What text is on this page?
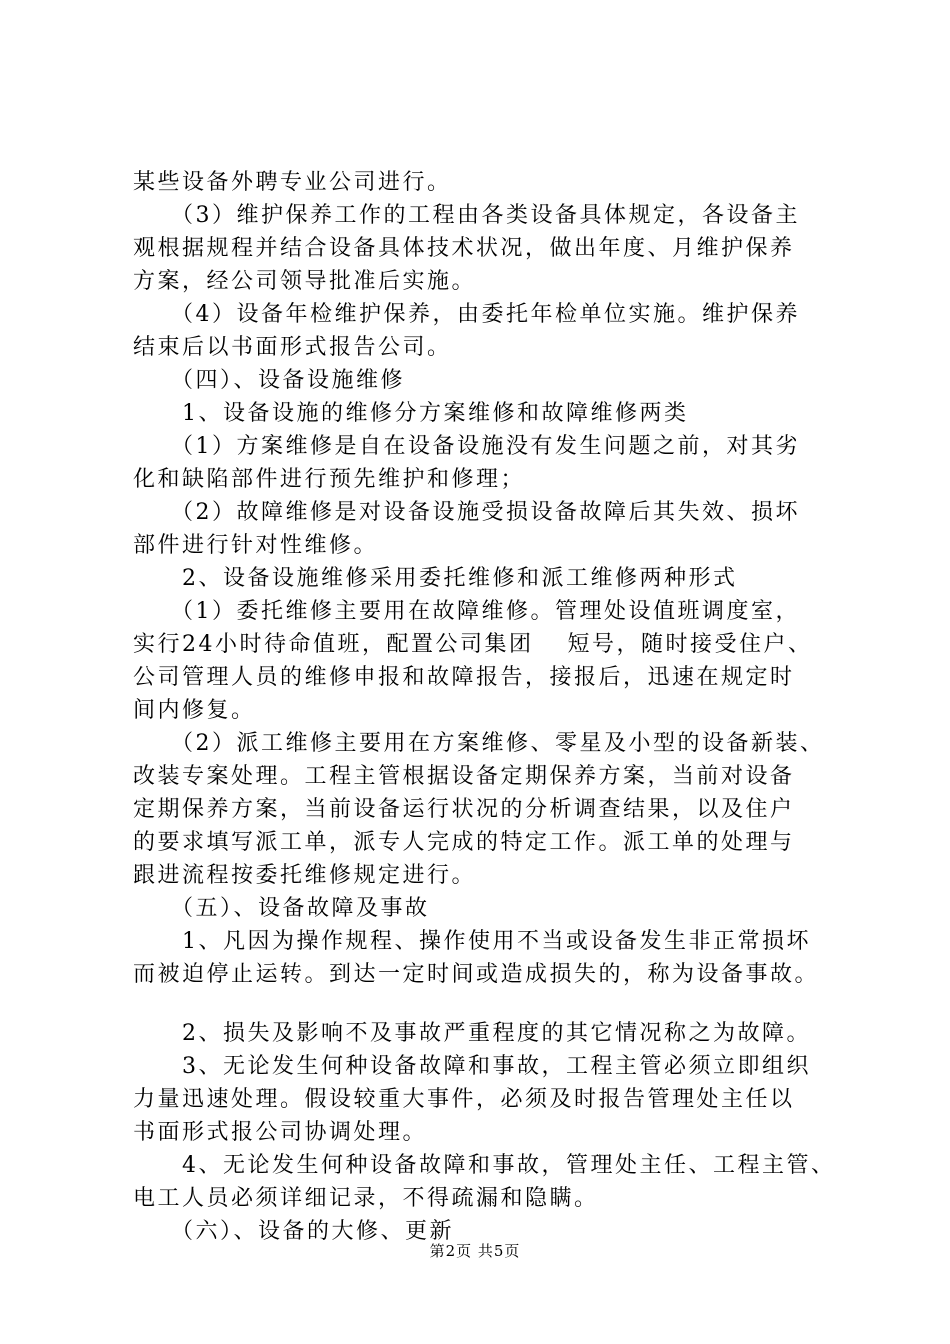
某些设备外聘专业公司进行。
　　（3）维护保养工作的工程由各类设备具体规定，各设备主
观根据规程并结合设备具体技术状况，做出年度、月维护保养
方案，经公司领导批准后实施。
　　（4）设备年检维护保养，由委托年检单位实施。维护保养
结束后以书面形式报告公司。
　　（四）、设备设施维修
　　1、设备设施的维修分方案维修和故障维修两类
　　（1）方案维修是自在设备设施没有发生问题之前，对其劣
化和缺陷部件进行预先维护和修理；
　　（2）故障维修是对设备设施受损设备故障后其失效、损坏
部件进行针对性维修。
　　2、设备设施维修采用委托维修和派工维修两种形式
　　（1）委托维修主要用在故障维修。管理处设值班调度室，
实行24小时待命值班，配置公司集团　 短号，随时接受住户、
公司管理人员的维修申报和故障报告，接报后，迅速在规定时
间内修复。
　　（2）派工维修主要用在方案维修、零星及小型的设备新装、
改装专案处理。工程主管根据设备定期保养方案，当前对设备
定期保养方案，当前设备运行状况的分析调查结果，以及住户
的要求填写派工单，派专人完成的特定工作。派工单的处理与
跟进流程按委托维修规定进行。
　　（五）、设备故障及事故
　　1、凡因为操作规程、操作使用不当或设备发生非正常损坏
而被迫停止运转。到达一定时间或造成损失的，称为设备事故。
　　2、损失及影响不及事故严重程度的其它情况称之为故障。
　　3、无论发生何种设备故障和事故，工程主管必须立即组织
力量迅速处理。假设较重大事件，必须及时报告管理处主任以
书面形式报公司协调处理。
　　4、无论发生何种设备故障和事故，管理处主任、工程主管、
电工人员必须详细记录，不得疏漏和隐瞒。
　　（六）、设备的大修、更新
第2页 共5页
